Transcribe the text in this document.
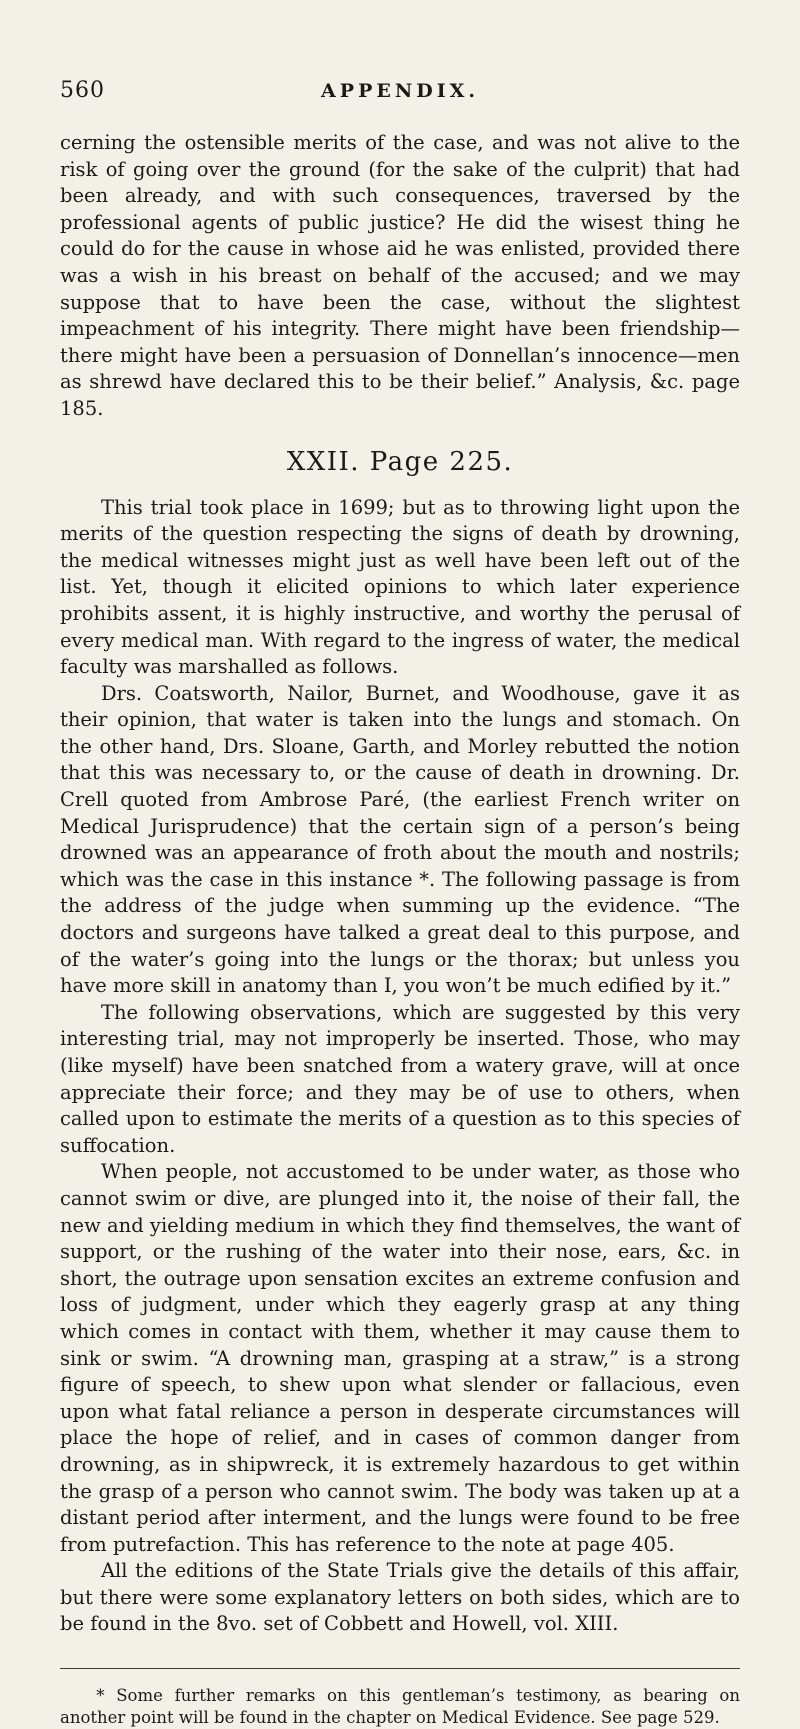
560	APPENDIX.

cerning the ostensible merits of the case, and was not alive to the risk of going over the ground (for the sake of the culprit) that had been already, and with such consequences, traversed by the professional agents of public justice? He did the wisest thing he could do for the cause in whose aid he was enlisted, provided there was a wish in his breast on behalf of the accused; and we may suppose that to have been the case, without the slightest impeachment of his integrity. There might have been friendship—there might have been a persuasion of Donnellan’s innocence—men as shrewd have declared this to be their belief.” Analysis, &c. page 185.

XXII. Page 225.

This trial took place in 1699; but as to throwing light upon the merits of the question respecting the signs of death by drowning, the medical witnesses might just as well have been left out of the list. Yet, though it elicited opinions to which later experience prohibits assent, it is highly instructive, and worthy the perusal of every medical man. With regard to the ingress of water, the medical faculty was marshalled as follows.

Drs. Coatsworth, Nailor, Burnet, and Woodhouse, gave it as their opinion, that water is taken into the lungs and stomach. On the other hand, Drs. Sloane, Garth, and Morley rebutted the notion that this was necessary to, or the cause of death in drowning. Dr. Crell quoted from Ambrose Paré, (the earliest French writer on Medical Jurisprudence) that the certain sign of a person’s being drowned was an appearance of froth about the mouth and nostrils; which was the case in this instance *. The following passage is from the address of the judge when summing up the evidence. “The doctors and surgeons have talked a great deal to this purpose, and of the water’s going into the lungs or the thorax; but unless you have more skill in anatomy than I, you won’t be much edified by it.”

The following observations, which are suggested by this very interesting trial, may not improperly be inserted. Those, who may (like myself) have been snatched from a watery grave, will at once appreciate their force; and they may be of use to others, when called upon to estimate the merits of a question as to this species of suffocation.

When people, not accustomed to be under water, as those who cannot swim or dive, are plunged into it, the noise of their fall, the new and yielding medium in which they find themselves, the want of support, or the rushing of the water into their nose, ears, &c. in short, the outrage upon sensation excites an extreme confusion and loss of judgment, under which they eagerly grasp at any thing which comes in contact with them, whether it may cause them to sink or swim. “A drowning man, grasping at a straw,” is a strong figure of speech, to shew upon what slender or fallacious, even upon what fatal reliance a person in desperate circumstances will place the hope of relief, and in cases of common danger from drowning, as in shipwreck, it is extremely hazardous to get within the grasp of a person who cannot swim. The body was taken up at a distant period after interment, and the lungs were found to be free from putrefaction. This has reference to the note at page 405.

All the editions of the State Trials give the details of this affair, but there were some explanatory letters on both sides, which are to be found in the 8vo. set of Cobbett and Howell, vol. XIII.

* Some further remarks on this gentleman’s testimony, as bearing on another point will be found in the chapter on Medical Evidence. See page 529.
